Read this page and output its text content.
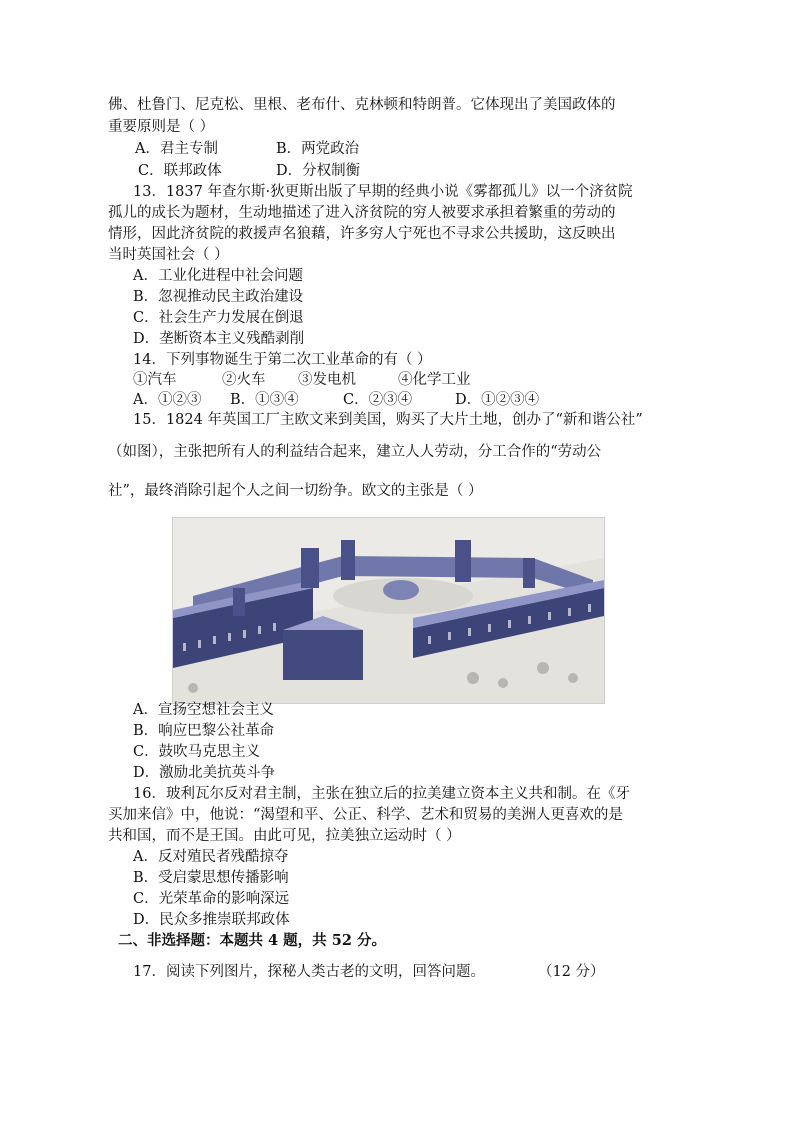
佛、杜鲁门、尼克松、里根、老布什、克林顿和特朗普。它体现出了美国政体的
重要原则是（ ）
A．君主专制	B．两党政治
C．联邦政体	D．分权制衡
13．1837 年查尔斯·狄更斯出版了早期的经典小说《雾都孤儿》以一个济贫院
孤儿的成长为题材，生动地描述了进入济贫院的穷人被要求承担着繁重的劳动的
情形，因此济贫院的救援声名狼藉，许多穷人宁死也不寻求公共援助，这反映出
当时英国社会（ ）
A．工业化进程中社会问题
B．忽视推动民主政治建设
C．社会生产力发展在倒退
D．垄断资本主义残酷剥削
14．下列事物诞生于第二次工业革命的有（ ）
①汽车	②火车 ③发电机	④化学工业
A．①②③ B．①③④	C．②③④	D．①②③④
15．1824 年英国工厂主欧文来到美国，购买了大片土地，创办了“新和谐公社”
（如图），主张把所有人的利益结合起来，建立人人劳动，分工合作的“劳动公
社”，最终消除引起个人之间一切纷争。欧文的主张是（ ）
A．宣扬空想社会主义
B．响应巴黎公社革命
C．鼓吹马克思主义
D．激励北美抗英斗争
16．玻利瓦尔反对君主制，主张在独立后的拉美建立资本主义共和制。在《牙
买加来信》中，他说：“渴望和平、公正、科学、艺术和贸易的美洲人更喜欢的是
共和国，而不是王国。由此可见，拉美独立运动时（ ）
A．反对殖民者残酷掠夺
B．受启蒙思想传播影响
C．光荣革命的影响深远
D．民众多推崇联邦政体
二、非选择题：本题共 4 题，共 52 分。
17．阅读下列图片，探秘人类古老的文明，回答问题。	（12 分）
